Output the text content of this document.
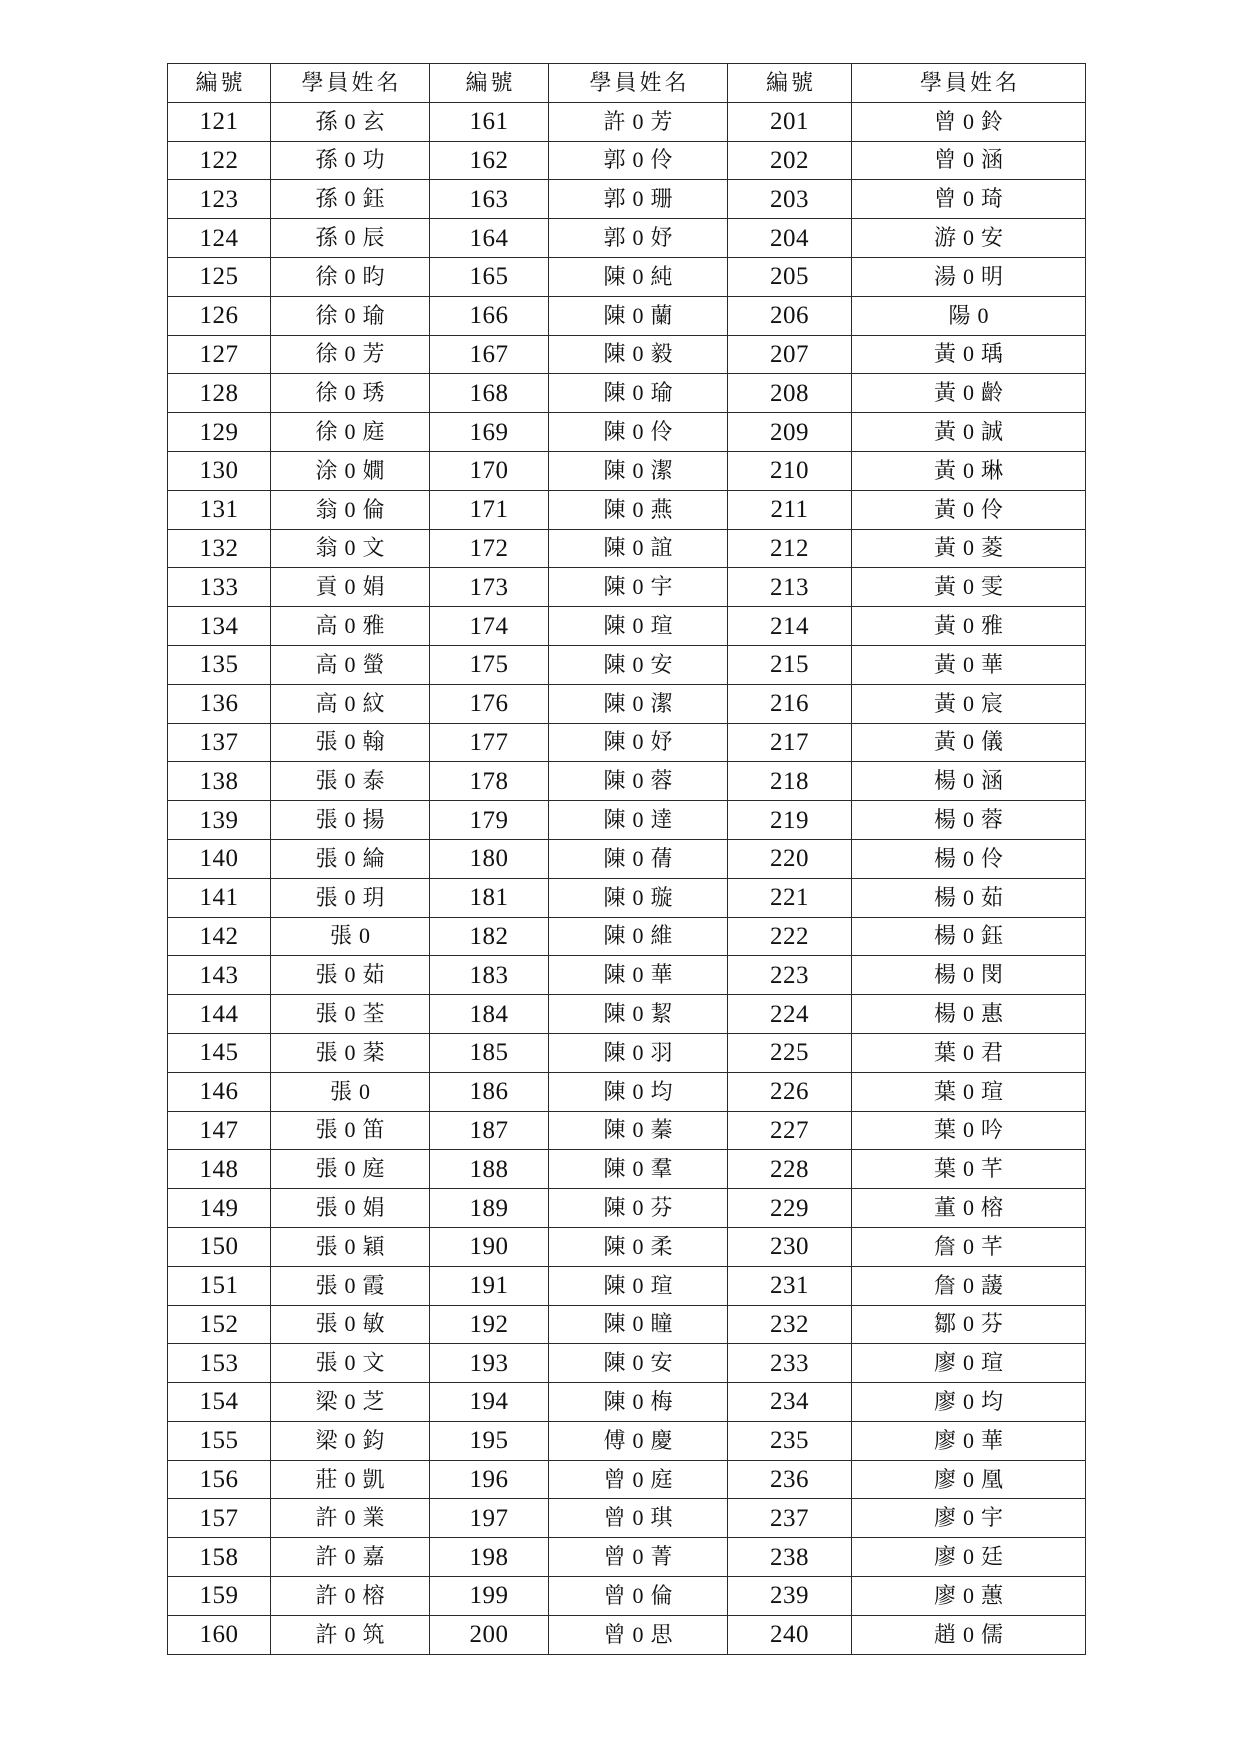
編號	學員姓名	編號	學員姓名	編號	學員姓名
121	孫0玄	161	許0芳	201	曾0鈴
122	孫0功	162	郭0伶	202	曾0涵
123	孫0鈺	163	郭0珊	203	曾0琦
124	孫0辰	164	郭0妤	204	游0安
125	徐0昀	165	陳0純	205	湯0明
126	徐0瑜	166	陳0蘭	206	陽0
127	徐0芳	167	陳0毅	207	黃0瑀
128	徐0琇	168	陳0瑜	208	黃0齡
129	徐0庭	169	陳0伶	209	黃0誠
130	涂0嫺	170	陳0潔	210	黃0琳
131	翁0倫	171	陳0燕	211	黃0伶
132	翁0文	172	陳0誼	212	黃0菱
133	貢0娟	173	陳0宇	213	黃0雯
134	高0雅	174	陳0瑄	214	黃0雅
135	高0螢	175	陳0安	215	黃0華
136	高0紋	176	陳0潔	216	黃0宸
137	張0翰	177	陳0妤	217	黃0儀
138	張0泰	178	陳0蓉	218	楊0涵
139	張0揚	179	陳0達	219	楊0蓉
140	張0綸	180	陳0蒨	220	楊0伶
141	張0玥	181	陳0璇	221	楊0茹
142	張0	182	陳0維	222	楊0鈺
143	張0茹	183	陳0華	223	楊0閔
144	張0荃	184	陳0絜	224	楊0惠
145	張0棻	185	陳0羽	225	葉0君
146	張0	186	陳0均	226	葉0瑄
147	張0笛	187	陳0蓁	227	葉0吟
148	張0庭	188	陳0羣	228	葉0芊
149	張0娟	189	陳0芬	229	董0榕
150	張0穎	190	陳0柔	230	詹0芊
151	張0霞	191	陳0瑄	231	詹0蘐
152	張0敏	192	陳0瞳	232	鄒0芬
153	張0文	193	陳0安	233	廖0瑄
154	梁0芝	194	陳0梅	234	廖0均
155	梁0鈞	195	傅0慶	235	廖0華
156	莊0凱	196	曾0庭	236	廖0凰
157	許0業	197	曾0琪	237	廖0宇
158	許0嘉	198	曾0菁	238	廖0廷
159	許0榕	199	曾0倫	239	廖0蕙
160	許0筑	200	曾0思	240	趙0儒
